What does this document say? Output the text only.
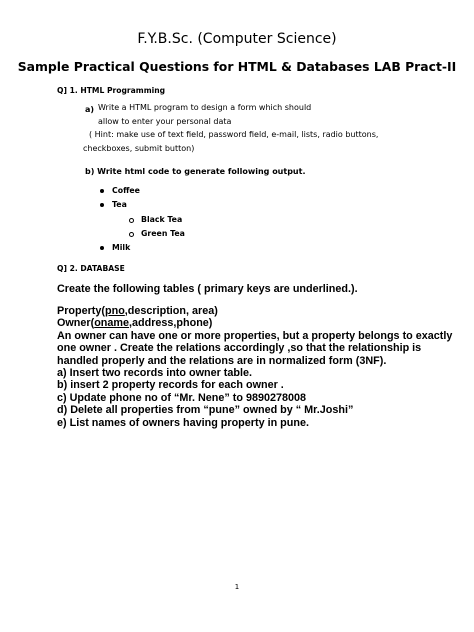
F.Y.B.Sc. (Computer Science)
Sample Practical Questions for HTML & Databases LAB Pract-II
Q] 1. HTML Programming
a) Write a HTML program to design a form which should
allow to enter your personal data
( Hint: make use of text field, password field, e-mail, lists, radio buttons,
checkboxes, submit button)
b) Write html code to generate following output.
Coffee
Tea
Black Tea
Green Tea
Milk
Q] 2. DATABASE
Create the following tables ( primary keys are underlined.).
Property(pno,description, area)
Owner(oname,address,phone)
An owner can have one or more properties, but a property belongs to exactly
one owner . Create the relations accordingly ,so that the relationship is
handled properly and the relations are in normalized form (3NF).
a) Insert two records into owner table.
b) insert 2 property records for each owner .
c) Update phone no of “Mr. Nene” to 9890278008
d) Delete all properties from “pune” owned by “ Mr.Joshi”
e) List names of owners having property in pune.
1
